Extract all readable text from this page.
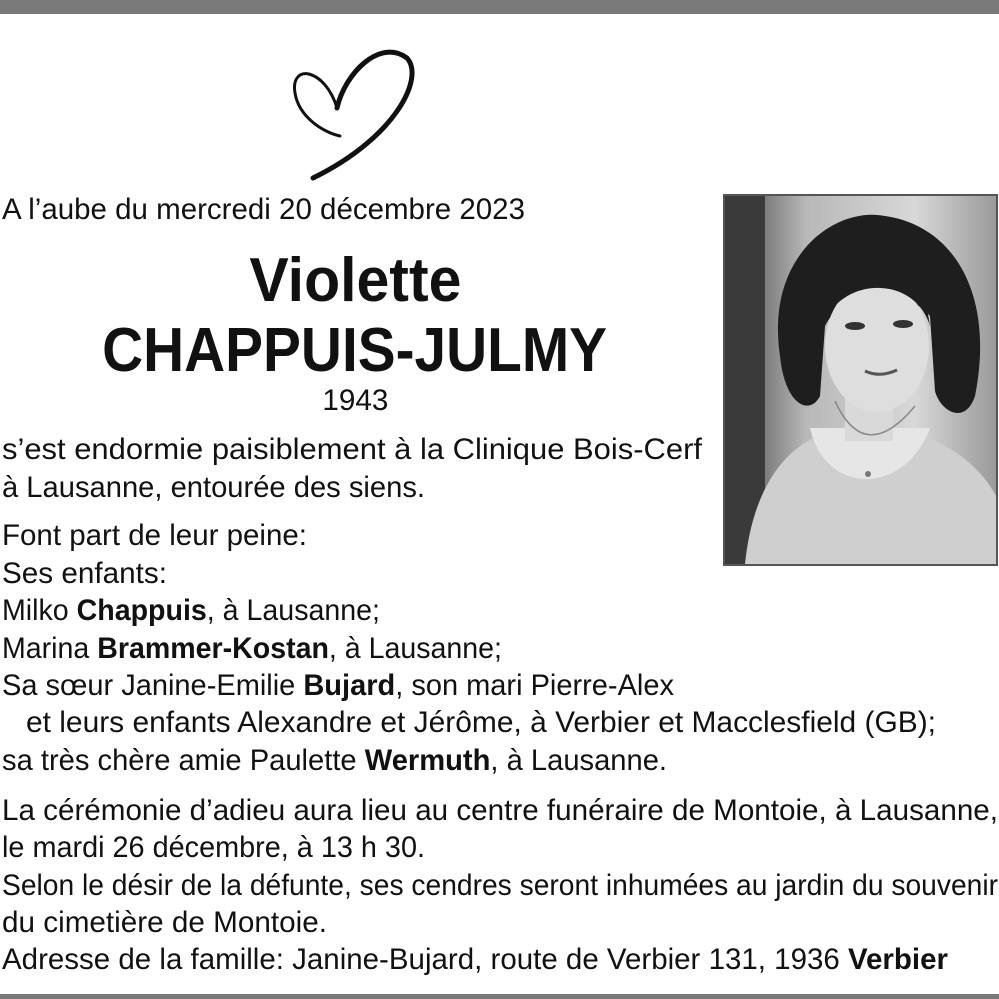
A l’aube du mercredi 20 décembre 2023
Violette
CHAPPUIS-JULMY
1943
s’est endormie paisiblement à la Clinique Bois-Cerf
à Lausanne, entourée des siens.
Font part de leur peine:
Ses enfants:
Milko Chappuis, à Lausanne;
Marina Brammer-Kostan, à Lausanne;
Sa sœur Janine-Emilie Bujard, son mari Pierre-Alex
et leurs enfants Alexandre et Jérôme, à Verbier et Macclesfield (GB);
sa très chère amie Paulette Wermuth, à Lausanne.
La cérémonie d’adieu aura lieu au centre funéraire de Montoie, à Lausanne,
le mardi 26 décembre, à 13 h 30.
Selon le désir de la défunte, ses cendres seront inhumées au jardin du souvenir
du cimetière de Montoie.
Adresse de la famille: Janine-Bujard, route de Verbier 131, 1936 Verbier
